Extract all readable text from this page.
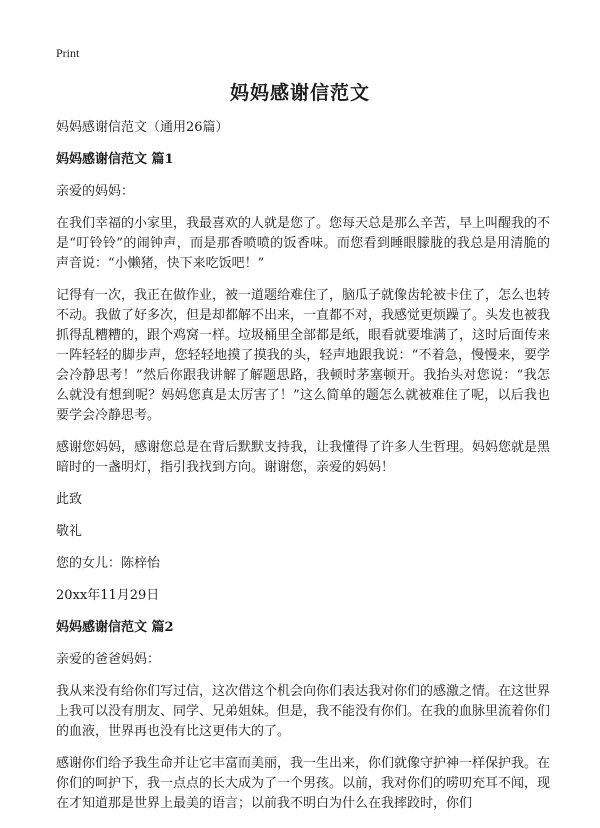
Print
妈妈感谢信范文

妈妈感谢信范文（通用26篇）

妈妈感谢信范文 篇1

亲爱的妈妈：

在我们幸福的小家里，我最喜欢的人就是您了。您每天总是那么辛苦，早上叫醒我的不是“叮铃铃”的闹钟声，而是那香喷喷的饭香味。而您看到睡眼朦胧的我总是用清脆的声音说：“小懒猪，快下来吃饭吧！”

记得有一次，我正在做作业，被一道题给难住了，脑瓜子就像齿轮被卡住了，怎么也转不动。我做了好多次，但是却都解不出来，一直都不对，我感觉更烦躁了。头发也被我抓得乱糟糟的，跟个鸡窝一样。垃圾桶里全部都是纸，眼看就要堆满了，这时后面传来一阵轻轻的脚步声，您轻轻地摸了摸我的头，轻声地跟我说：“不着急，慢慢来，要学会冷静思考！”然后你跟我讲解了解题思路，我顿时茅塞顿开。我抬头对您说：“我怎么就没有想到呢？妈妈您真是太厉害了！”这么简单的题怎么就被难住了呢，以后我也要学会冷静思考。

感谢您妈妈，感谢您总是在背后默默支持我，让我懂得了许多人生哲理。妈妈您就是黑暗时的一盏明灯，指引我找到方向。谢谢您，亲爱的妈妈！

此致

敬礼

您的女儿：陈梓怡

20xx年11月29日

妈妈感谢信范文 篇2

亲爱的爸爸妈妈：

我从来没有给你们写过信，这次借这个机会向你们表达我对你们的感激之情。在这世界上我可以没有朋友、同学、兄弟姐妹。但是，我不能没有你们。在我的血脉里流着你们的血液，世界再也没有比这更伟大的了。

感谢你们给予我生命并让它丰富而美丽，我一生出来，你们就像守护神一样保护我。在你们的呵护下，我一点点的长大成为了一个男孩。以前，我对你们的唠叨充耳不闻，现在才知道那是世界上最美的语言；以前我不明白为什么在我摔跤时，你们
